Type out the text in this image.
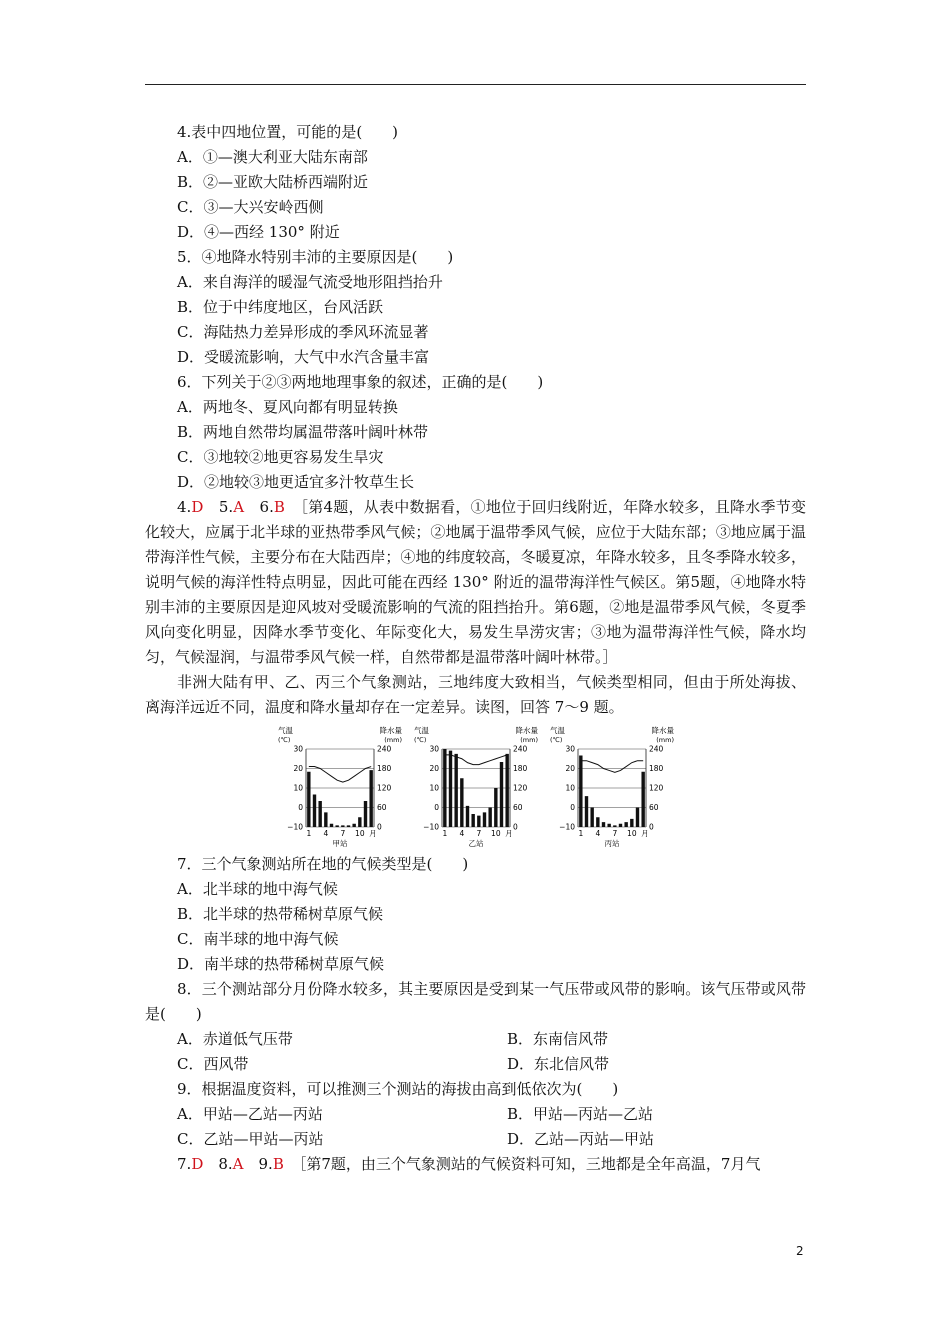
4.表中四地位置，可能的是(　　)
A．①—澳大利亚大陆东南部
B．②—亚欧大陆桥西端附近
C．③—大兴安岭西侧
D．④—西经 130° 附近
5．④地降水特别丰沛的主要原因是(　　)
A．来自海洋的暖湿气流受地形阻挡抬升
B．位于中纬度地区，台风活跃
C．海陆热力差异形成的季风环流显著
D．受暖流影响，大气中水汽含量丰富
6．下列关于②③两地地理事象的叙述，正确的是(　　)
A．两地冬、夏风向都有明显转换
B．两地自然带均属温带落叶阔叶林带
C．③地较②地更容易发生旱灾
D．②地较③地更适宜多汁牧草生长
4.D　5.A　6.B　 ［第4题，从表中数据看，①地位于回归线附近，年降水较多，且降水季节变化较大，应属于北半球的亚热带季风气候；②地属于温带季风气候，应位于大陆东部；③地应属于温带海洋性气候，主要分布在大陆西岸；④地的纬度较高，冬暖夏凉，年降水较多，且冬季降水较多，说明气候的海洋性特点明显，因此可能在西经 130° 附近的温带海洋性气候区。第5题，④地降水特别丰沛的主要原因是迎风坡对受暖流影响的气流的阻挡抬升。第6题，②地是温带季风气候，冬夏季风向变化明显，因降水季节变化、年际变化大，易发生旱涝灾害；③地为温带海洋性气候，降水均匀，气候湿润，与温带季风气候一样，自然带都是温带落叶阔叶林带。］
非洲大陆有甲、乙、丙三个气象测站，三地纬度大致相当，气候类型相同，但由于所处海拔、离海洋远近不同，温度和降水量却存在一定差异。读图，回答 7～9 题。
气温
(℃)
降水量
(mm)
30	240
20	180
10	120
0	60
−10	0
1 4 7 10 月
甲站
气温
(℃)
降水量
(mm)
30	240
20	180
10	120
0	60
−10	0
1 4 7 10 月
乙站
气温
(℃)
降水量
(mm)
30	240
20	180
10	120
0	60
−10	0
1 4 7 10 月
丙站
7．三个气象测站所在地的气候类型是(　　)
A．北半球的地中海气候
B．北半球的热带稀树草原气候
C．南半球的地中海气候
D．南半球的热带稀树草原气候
8．三个测站部分月份降水较多，其主要原因是受到某一气压带或风带的影响。该气压带或风带是(　　)
A．赤道低气压带	B．东南信风带
C．西风带	D．东北信风带
9．根据温度资料，可以推测三个测站的海拔由高到低依次为(　　)
A．甲站—乙站—丙站	B．甲站—丙站—乙站
C．乙站—甲站—丙站	D．乙站—丙站—甲站
7.D　8.A　9.B　 ［第7题，由三个气象测站的气候资料可知，三地都是全年高温，7月气
2
